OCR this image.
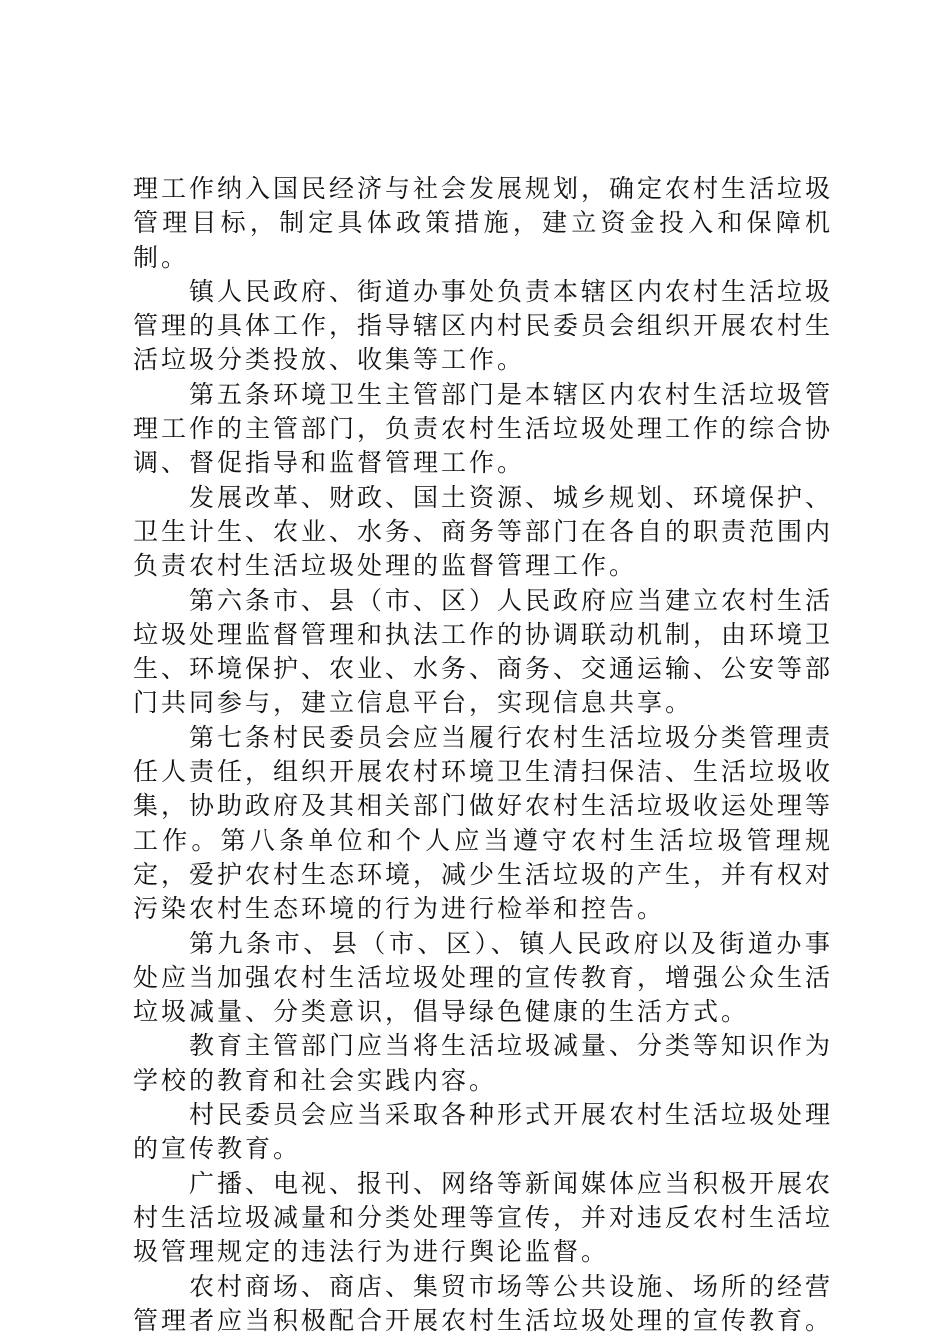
理工作纳入国民经济与社会发展规划，确定农村生活垃圾管理目标，制定具体政策措施，建立资金投入和保障机制。

镇人民政府、街道办事处负责本辖区内农村生活垃圾管理的具体工作，指导辖区内村民委员会组织开展农村生活垃圾分类投放、收集等工作。

第五条环境卫生主管部门是本辖区内农村生活垃圾管理工作的主管部门，负责农村生活垃圾处理工作的综合协调、督促指导和监督管理工作。

发展改革、财政、国土资源、城乡规划、环境保护、卫生计生、农业、水务、商务等部门在各自的职责范围内负责农村生活垃圾处理的监督管理工作。

第六条市、县（市、区）人民政府应当建立农村生活垃圾处理监督管理和执法工作的协调联动机制，由环境卫生、环境保护、农业、水务、商务、交通运输、公安等部门共同参与，建立信息平台，实现信息共享。

第七条村民委员会应当履行农村生活垃圾分类管理责任人责任，组织开展农村环境卫生清扫保洁、生活垃圾收集，协助政府及其相关部门做好农村生活垃圾收运处理等工作。第八条单位和个人应当遵守农村生活垃圾管理规定，爱护农村生态环境，减少生活垃圾的产生，并有权对污染农村生态环境的行为进行检举和控告。

第九条市、县（市、区）、镇人民政府以及街道办事处应当加强农村生活垃圾处理的宣传教育，增强公众生活垃圾减量、分类意识，倡导绿色健康的生活方式。

教育主管部门应当将生活垃圾减量、分类等知识作为学校的教育和社会实践内容。

村民委员会应当采取各种形式开展农村生活垃圾处理的宣传教育。

广播、电视、报刊、网络等新闻媒体应当积极开展农村生活垃圾减量和分类处理等宣传，并对违反农村生活垃圾管理规定的违法行为进行舆论监督。

农村商场、商店、集贸市场等公共设施、场所的经营管理者应当积极配合开展农村生活垃圾处理的宣传教育。
